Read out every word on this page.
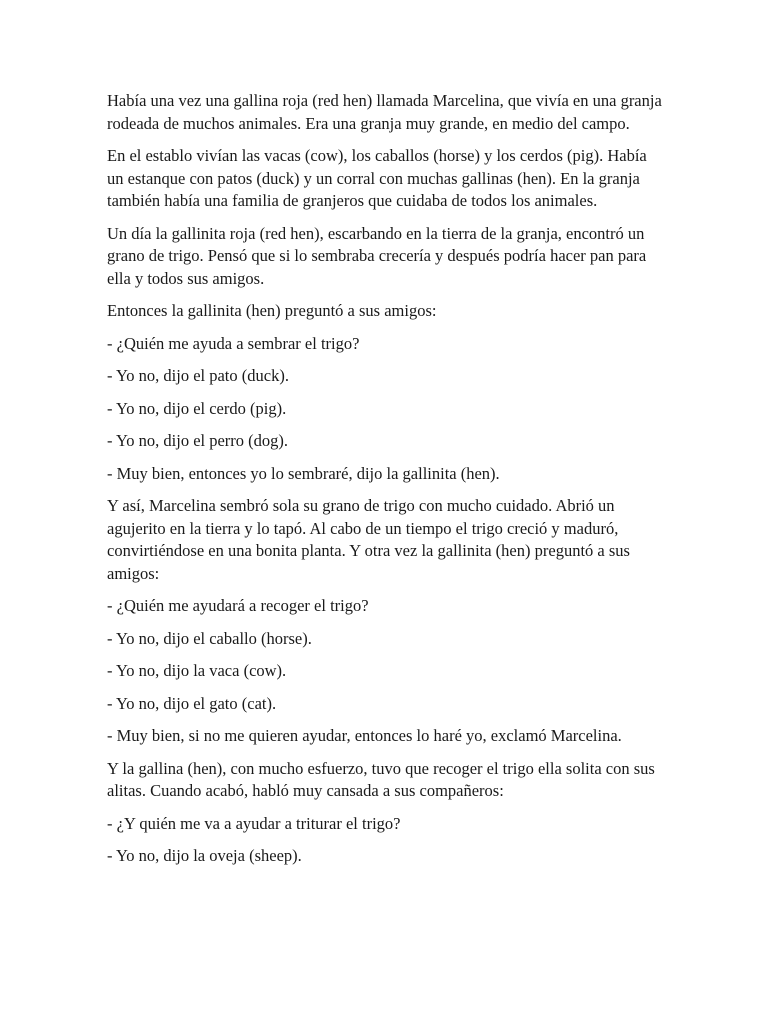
Había una vez una gallina roja (red hen) llamada Marcelina, que vivía en una granja rodeada de muchos animales. Era una granja muy grande, en medio del campo.

En el establo vivían las vacas (cow), los caballos (horse) y los cerdos (pig). Había un estanque con patos (duck) y un corral con muchas gallinas (hen). En la granja también había una familia de granjeros que cuidaba de todos los animales.

Un día la gallinita roja (red hen), escarbando en la tierra de la granja, encontró un grano de trigo. Pensó que si lo sembraba crecería y después podría hacer pan para ella y todos sus amigos.

Entonces la gallinita (hen) preguntó a sus amigos:

- ¿Quién me ayuda a sembrar el trigo?

- Yo no, dijo el pato (duck).

- Yo no, dijo el cerdo (pig).

- Yo no, dijo el perro (dog).

- Muy bien, entonces yo lo sembraré, dijo la gallinita (hen).

Y así, Marcelina sembró sola su grano de trigo con mucho cuidado. Abrió un agujerito en la tierra y lo tapó. Al cabo de un tiempo el trigo creció y maduró, convirtiéndose en una bonita planta. Y otra vez la gallinita (hen) preguntó a sus amigos:

- ¿Quién me ayudará a recoger el trigo?

- Yo no, dijo el caballo (horse).

- Yo no, dijo la vaca (cow).

- Yo no, dijo el gato (cat).

- Muy bien, si no me quieren ayudar, entonces lo haré yo, exclamó Marcelina.

Y la gallina (hen), con mucho esfuerzo, tuvo que recoger el trigo ella solita con sus alitas. Cuando acabó, habló muy cansada a sus compañeros:

- ¿Y quién me va a ayudar a triturar el trigo?

- Yo no, dijo la oveja (sheep).
